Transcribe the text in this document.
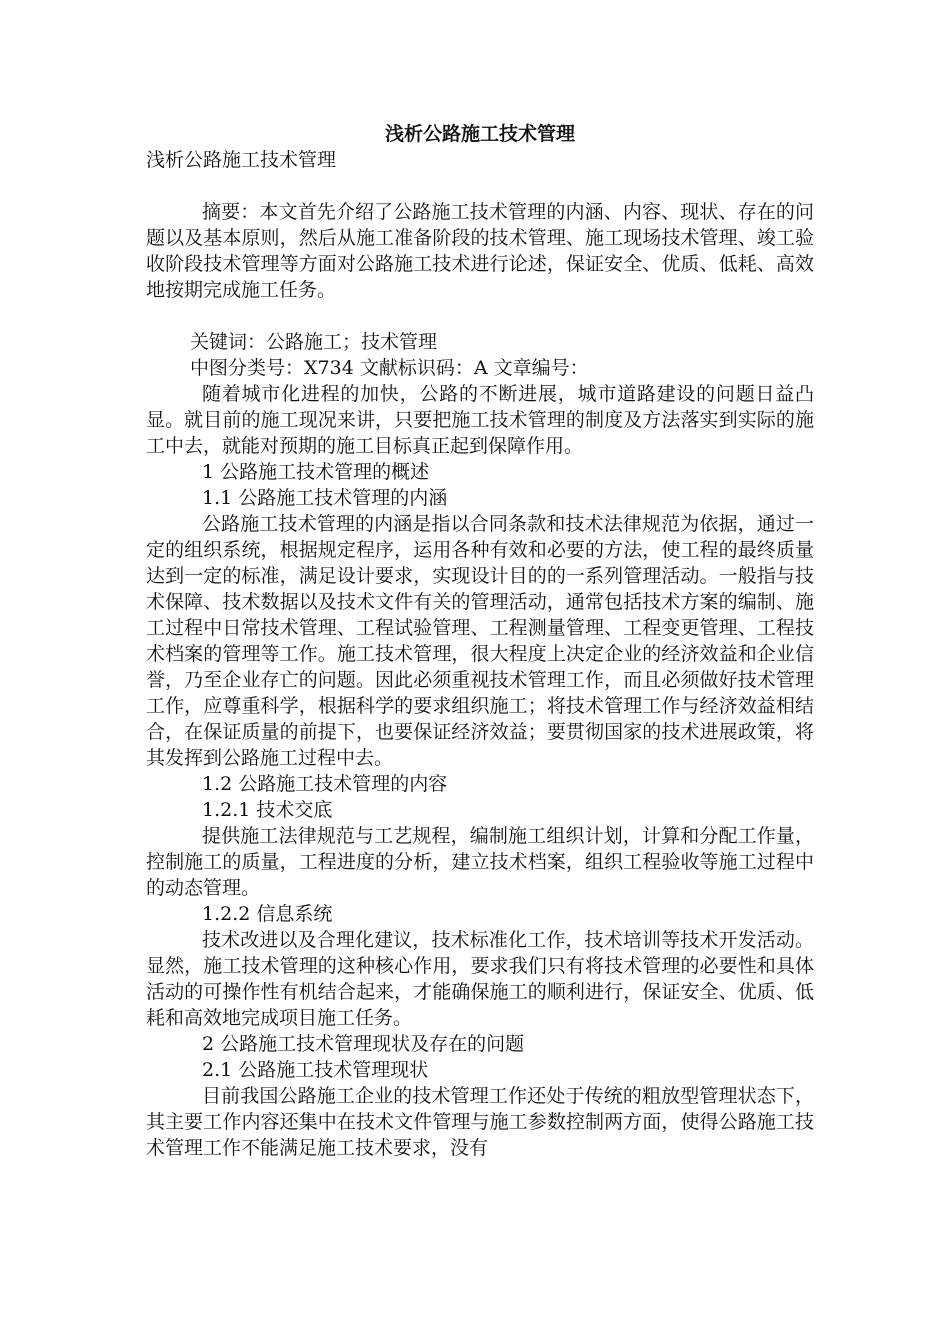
浅析公路施工技术管理

浅析公路施工技术管理

摘要：本文首先介绍了公路施工技术管理的内涵、内容、现状、存在的问题以及基本原则，然后从施工准备阶段的技术管理、施工现场技术管理、竣工验收阶段技术管理等方面对公路施工技术进行论述，保证安全、优质、低耗、高效地按期完成施工任务。

关键词：公路施工；技术管理

中图分类号：X734 文献标识码：A 文章编号：

随着城市化进程的加快，公路的不断进展，城市道路建设的问题日益凸显。就目前的施工现况来讲，只要把施工技术管理的制度及方法落实到实际的施工中去，就能对预期的施工目标真正起到保障作用。

1 公路施工技术管理的概述

1.1 公路施工技术管理的内涵

公路施工技术管理的内涵是指以合同条款和技术法律规范为依据，通过一定的组织系统，根据规定程序，运用各种有效和必要的方法，使工程的最终质量达到一定的标准，满足设计要求，实现设计目的的一系列管理活动。一般指与技术保障、技术数据以及技术文件有关的管理活动，通常包括技术方案的编制、施工过程中日常技术管理、工程试验管理、工程测量管理、工程变更管理、工程技术档案的管理等工作。施工技术管理，很大程度上决定企业的经济效益和企业信誉，乃至企业存亡的问题。因此必须重视技术管理工作，而且必须做好技术管理工作，应尊重科学，根据科学的要求组织施工；将技术管理工作与经济效益相结合，在保证质量的前提下，也要保证经济效益；要贯彻国家的技术进展政策，将其发挥到公路施工过程中去。

1.2 公路施工技术管理的内容

1.2.1 技术交底

提供施工法律规范与工艺规程，编制施工组织计划，计算和分配工作量，控制施工的质量，工程进度的分析，建立技术档案，组织工程验收等施工过程中的动态管理。

1.2.2 信息系统

技术改进以及合理化建议，技术标准化工作，技术培训等技术开发活动。显然，施工技术管理的这种核心作用，要求我们只有将技术管理的必要性和具体活动的可操作性有机结合起来，才能确保施工的顺利进行，保证安全、优质、低耗和高效地完成项目施工任务。

2 公路施工技术管理现状及存在的问题

2.1 公路施工技术管理现状

目前我国公路施工企业的技术管理工作还处于传统的粗放型管理状态下，其主要工作内容还集中在技术文件管理与施工参数控制两方面，使得公路施工技术管理工作不能满足施工技术要求，没有
